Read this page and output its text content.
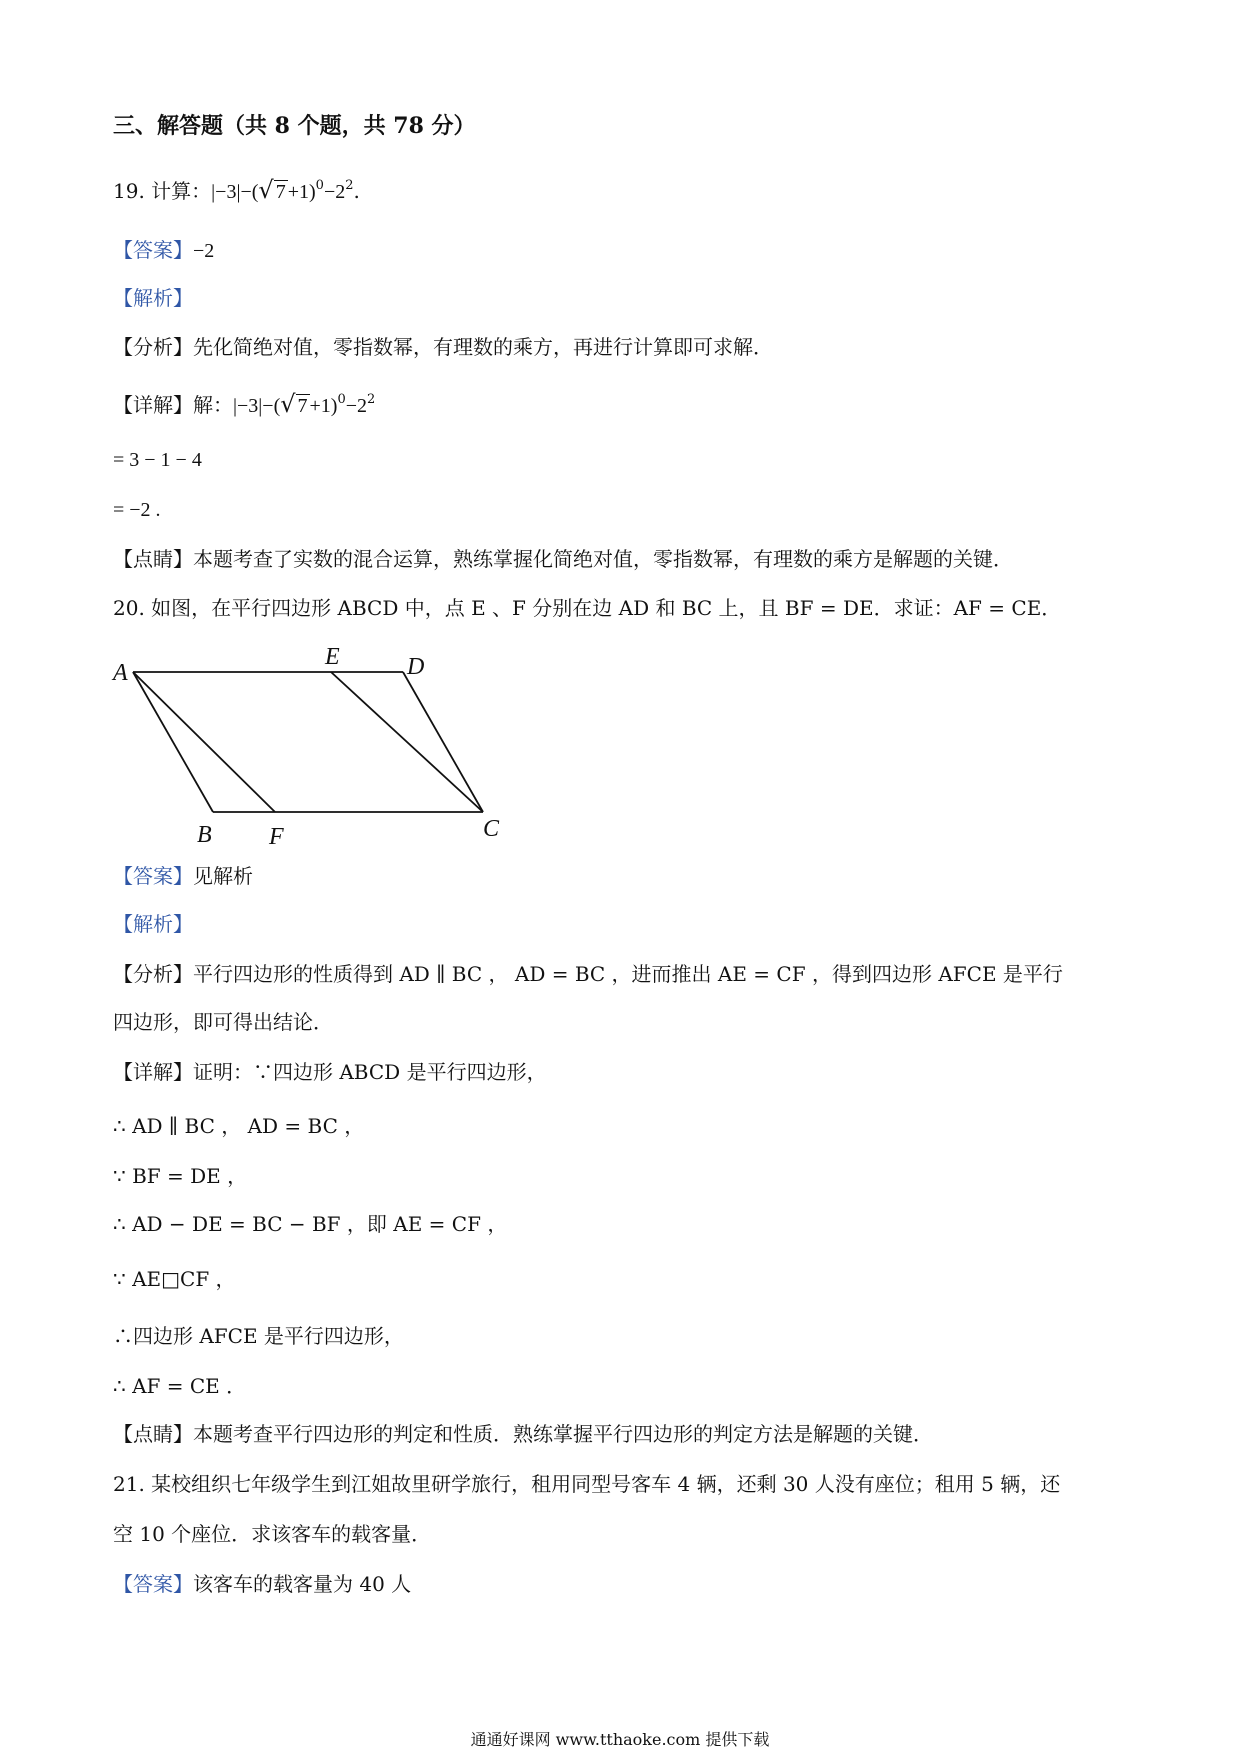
三、解答题（共 8 个题，共 78 分）
19. 计算：|−3|−(√ $7 +1)^0-2^2$.
【答案】−2
【解析】
【分析】先化简绝对值，零指数幂，有理数的乘方，再进行计算即可求解．
【详解】解：|−3|−(√ $7 +1)^0-2^2$
= 3 − 1 − 4
= −2 .
【点睛】本题考查了实数的混合运算，熟练掌握化简绝对值，零指数幂，有理数的乘方是解题的关键．
20. 如图，在平行四边形 ABCD 中，点 E 、F 分别在边 AD 和 BC 上，且 BF = DE．求证：AF = CE．
A
E	D
B F	C
【答案】见解析
【解析】
【分析】平行四边形的性质得到 AD ∥ BC ， AD = BC ，进而推出 AE = CF ，得到四边形 AFCE 是平行
四边形，即可得出结论．
【详解】证明：∵四边形 ABCD 是平行四边形，
∴ AD ∥ BC ， AD = BC ，
∵ BF = DE ，
∴ AD − DE = BC − BF ，即 AE = CF ，
∵ AE□CF ，
∴四边形 AFCE 是平行四边形，
∴ AF = CE ．
【点睛】本题考查平行四边形的判定和性质．熟练掌握平行四边形的判定方法是解题的关键．
21. 某校组织七年级学生到江姐故里研学旅行，租用同型号客车 4 辆，还剩 30 人没有座位；租用 5 辆，还
空 10 个座位．求该客车的载客量．
【答案】该客车的载客量为 40 人
通通好课网 www.tthaoke.com 提供下载
